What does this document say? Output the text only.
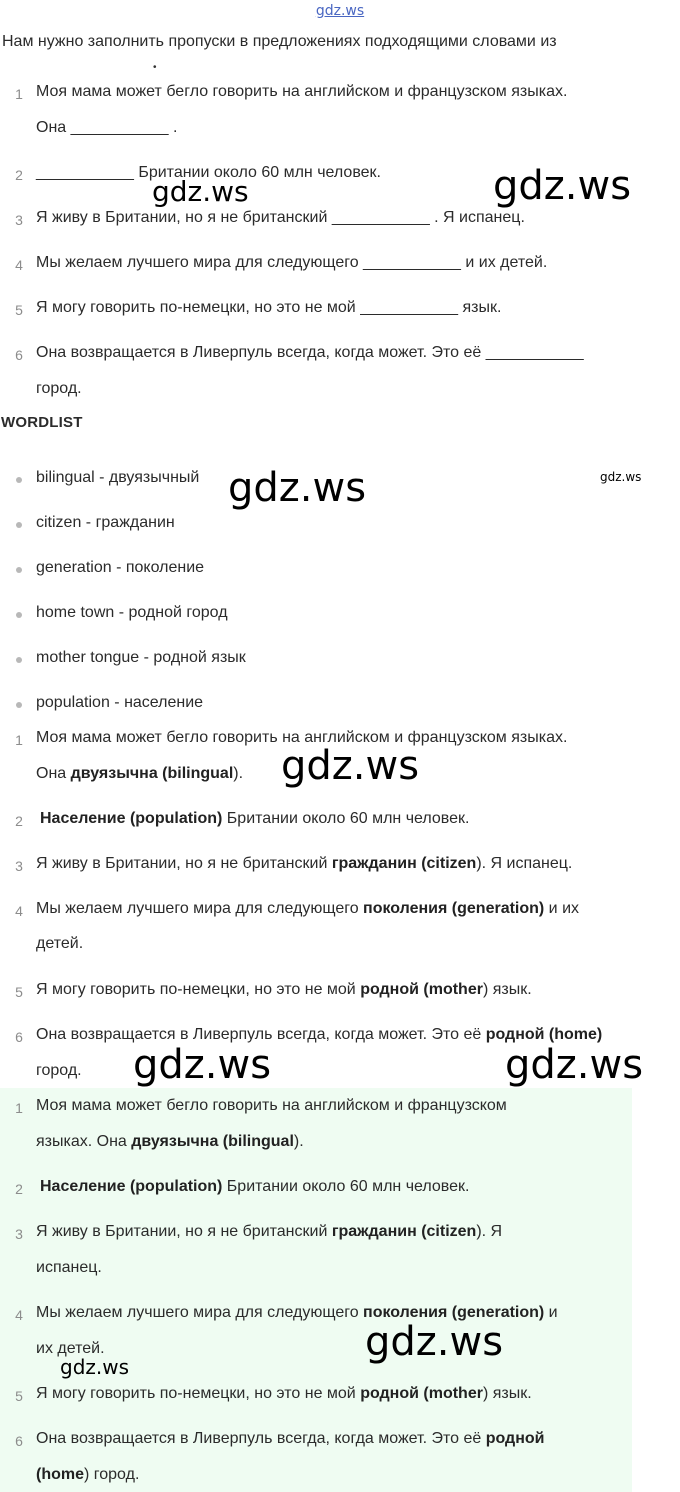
gdz.ws
Нам нужно заполнить пропуски в предложениях подходящими словами из
•
1 Моя мама может бегло говорить на английском и французском языках.
Она ___________ .
2 ___________ Британии около 60 млн человек.
3 Я живу в Британии, но я не британский ___________ . Я испанец.
4 Мы желаем лучшего мира для следующего ___________ и их детей.
5 Я могу говорить по-немецки, но это не мой ___________ язык.
6 Она возвращается в Ливерпуль всегда, когда может. Это её ___________
город.
WORDLIST
bilingual - двуязычный
citizen - гражданин
generation - поколение
home town - родной город
mother tongue - родной язык
population - население
1 Моя мама может бегло говорить на английском и французском языках.
Она двуязычна (bilingual).
2 Население (population) Британии около 60 млн человек.
3 Я живу в Британии, но я не британский гражданин (citizen). Я испанец.
4 Мы желаем лучшего мира для следующего поколения (generation) и их
детей.
5 Я могу говорить по-немецки, но это не мой родной (mother) язык.
6 Она возвращается в Ливерпуль всегда, когда может. Это её родной (home)
город.
1 Моя мама может бегло говорить на английском и французском
языках. Она двуязычна (bilingual).
2 Население (population) Британии около 60 млн человек.
3 Я живу в Британии, но я не британский гражданин (citizen). Я
испанец.
4 Мы желаем лучшего мира для следующего поколения (generation) и
их детей.
5 Я могу говорить по-немецки, но это не мой родной (mother) язык.
6 Она возвращается в Ливерпуль всегда, когда может. Это её родной
(home) город.
gdz.ws	gdz.ws
gdz.ws	gdz.ws
gdz.ws
gdz.ws	gdz.ws
gdz.ws
gdz.ws
